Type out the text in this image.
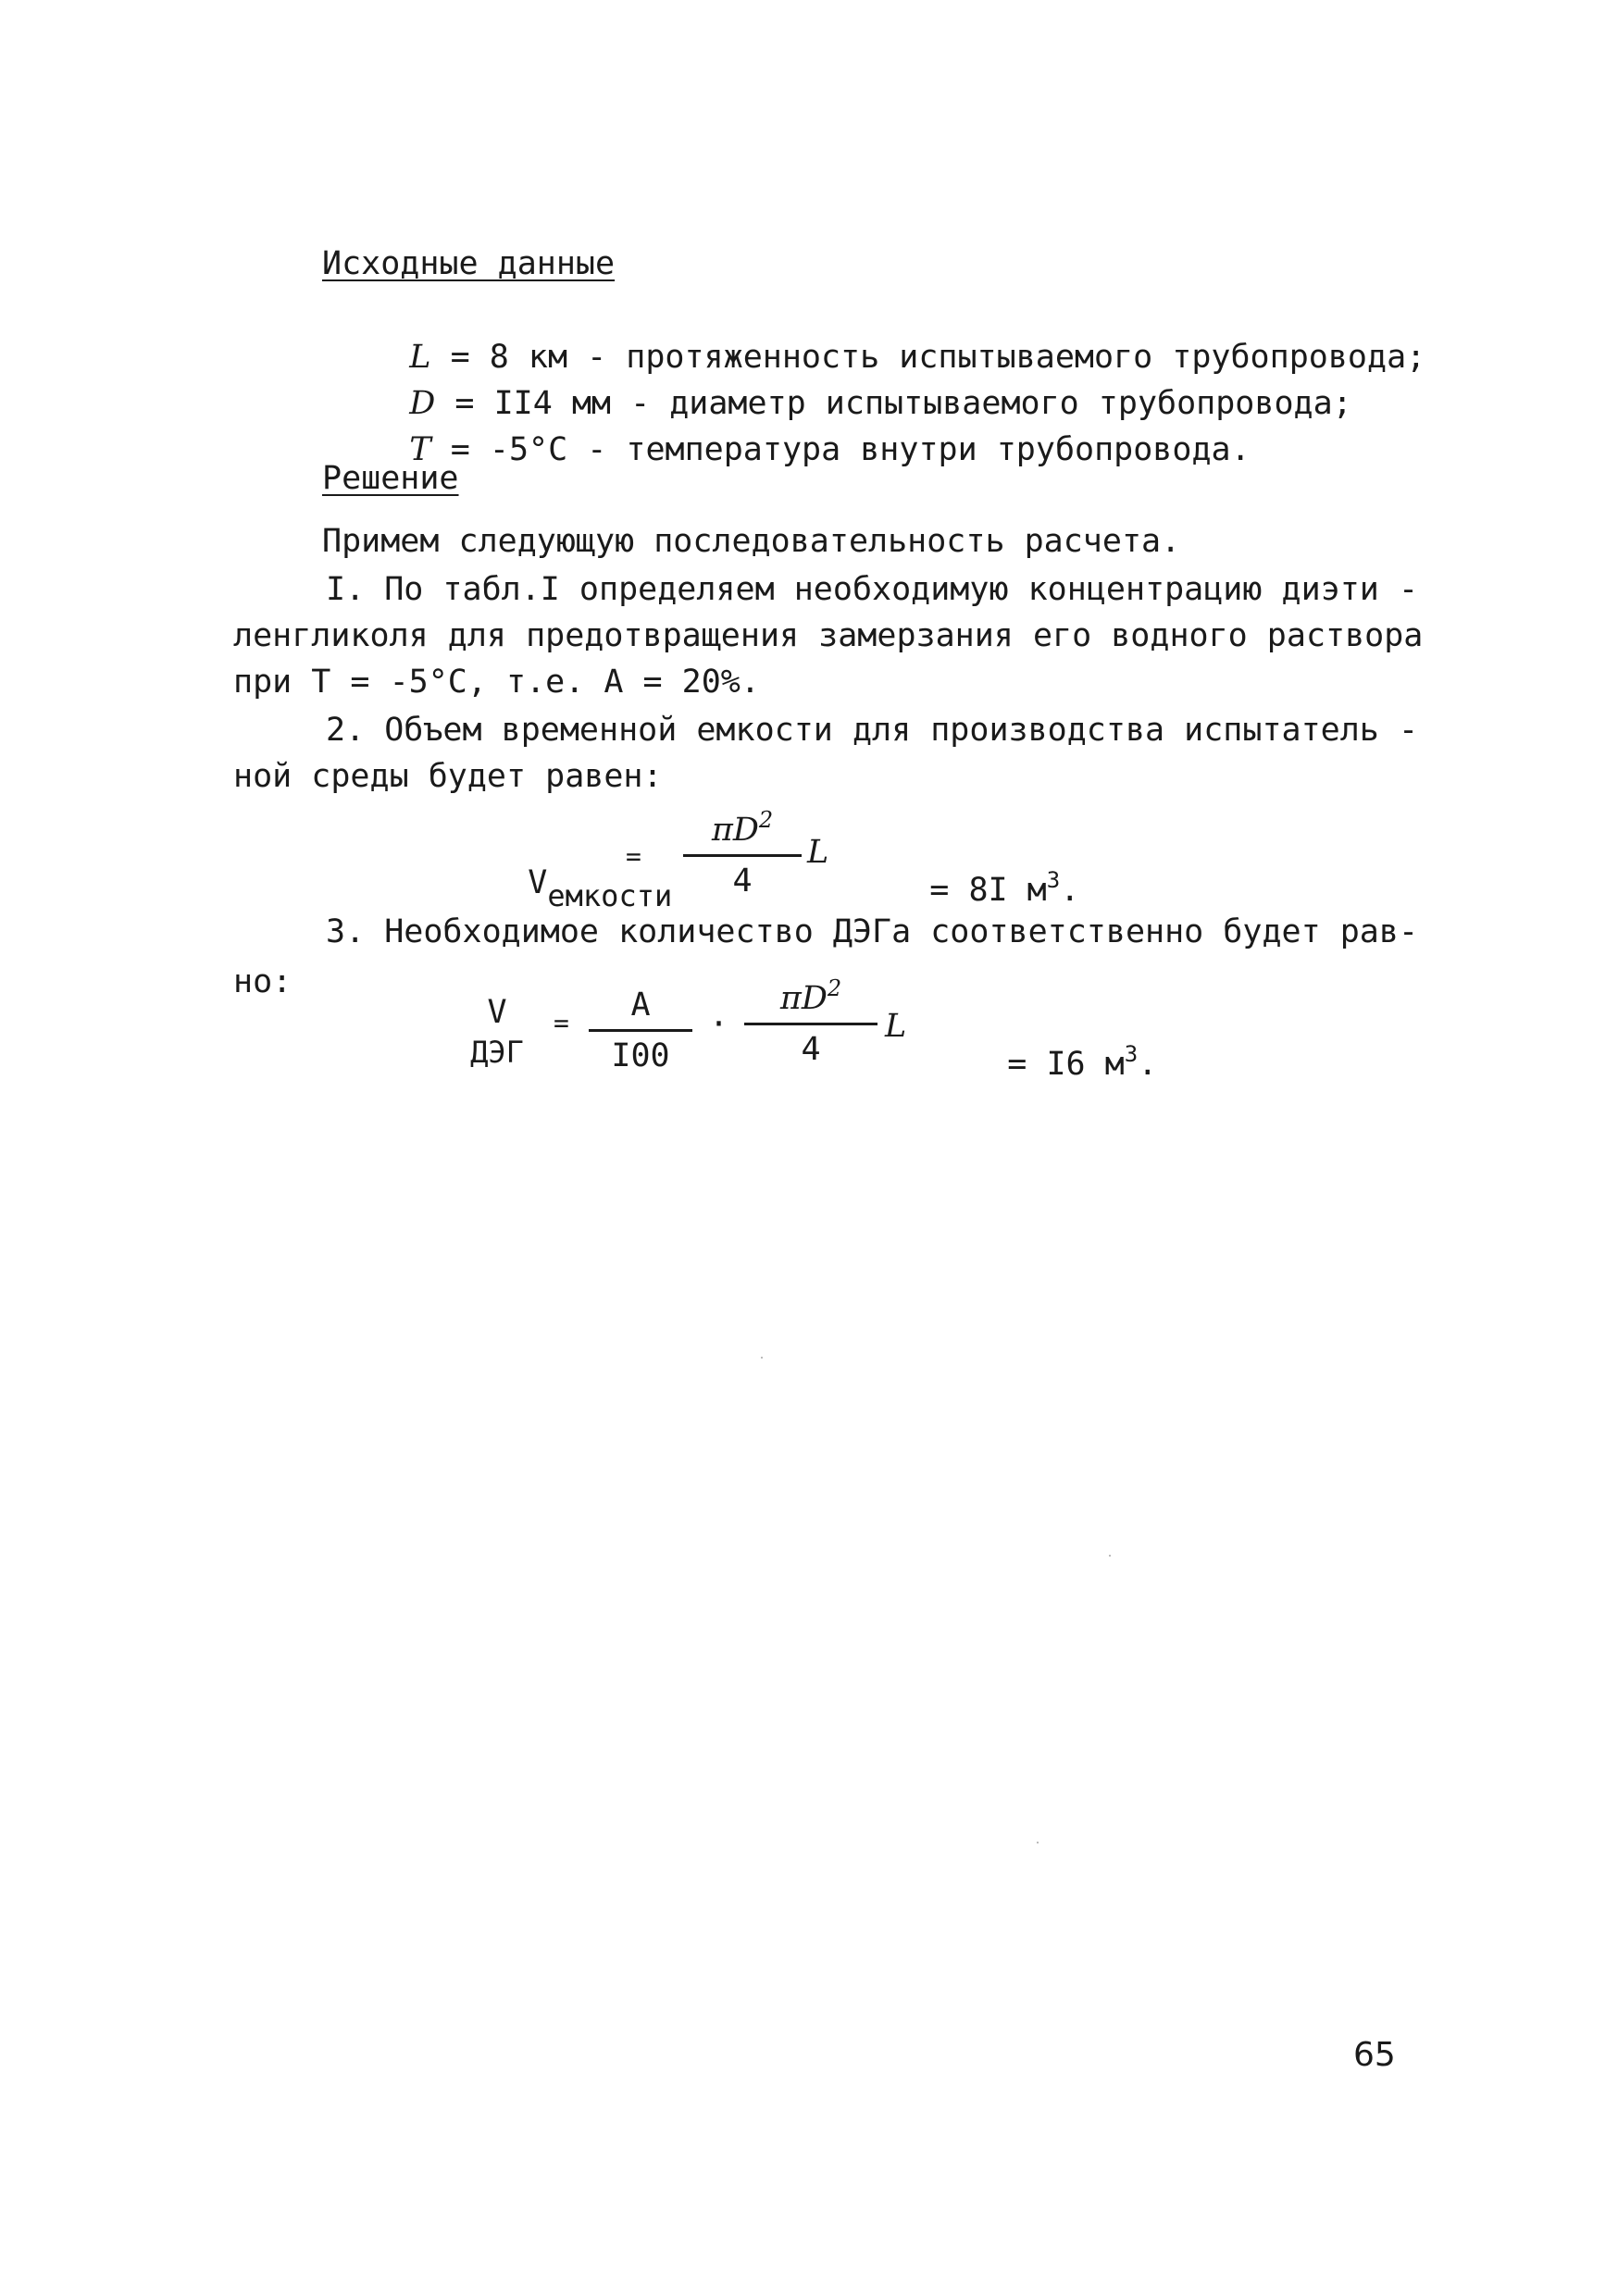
Исходные данные

L = 8 км - протяженность испытываемого трубопровода;

D = II4 мм - диаметр испытываемого трубопровода;

T = -5°C - температура внутри трубопровода.

Решение
Примем следующую последовательность расчета.
I. По табл.I определяем необходимую концентрацию диэти -
ленгликоля для предотвращения замерзания его водного раствора
при T = -5°C, т.е. A = 20%.
2. Объем временной емкости для производства испытатель -
ной среды будет равен:

Vемкости

=
$\pi D^2$
4
L

= 8I $м^3$.

3. Необходимое количество ДЭГа соответственно будет рав-
но:
V
ДЭГ
=	A
I00
·
$\pi D^2$
4
L

= I6 $м^3$.

65
